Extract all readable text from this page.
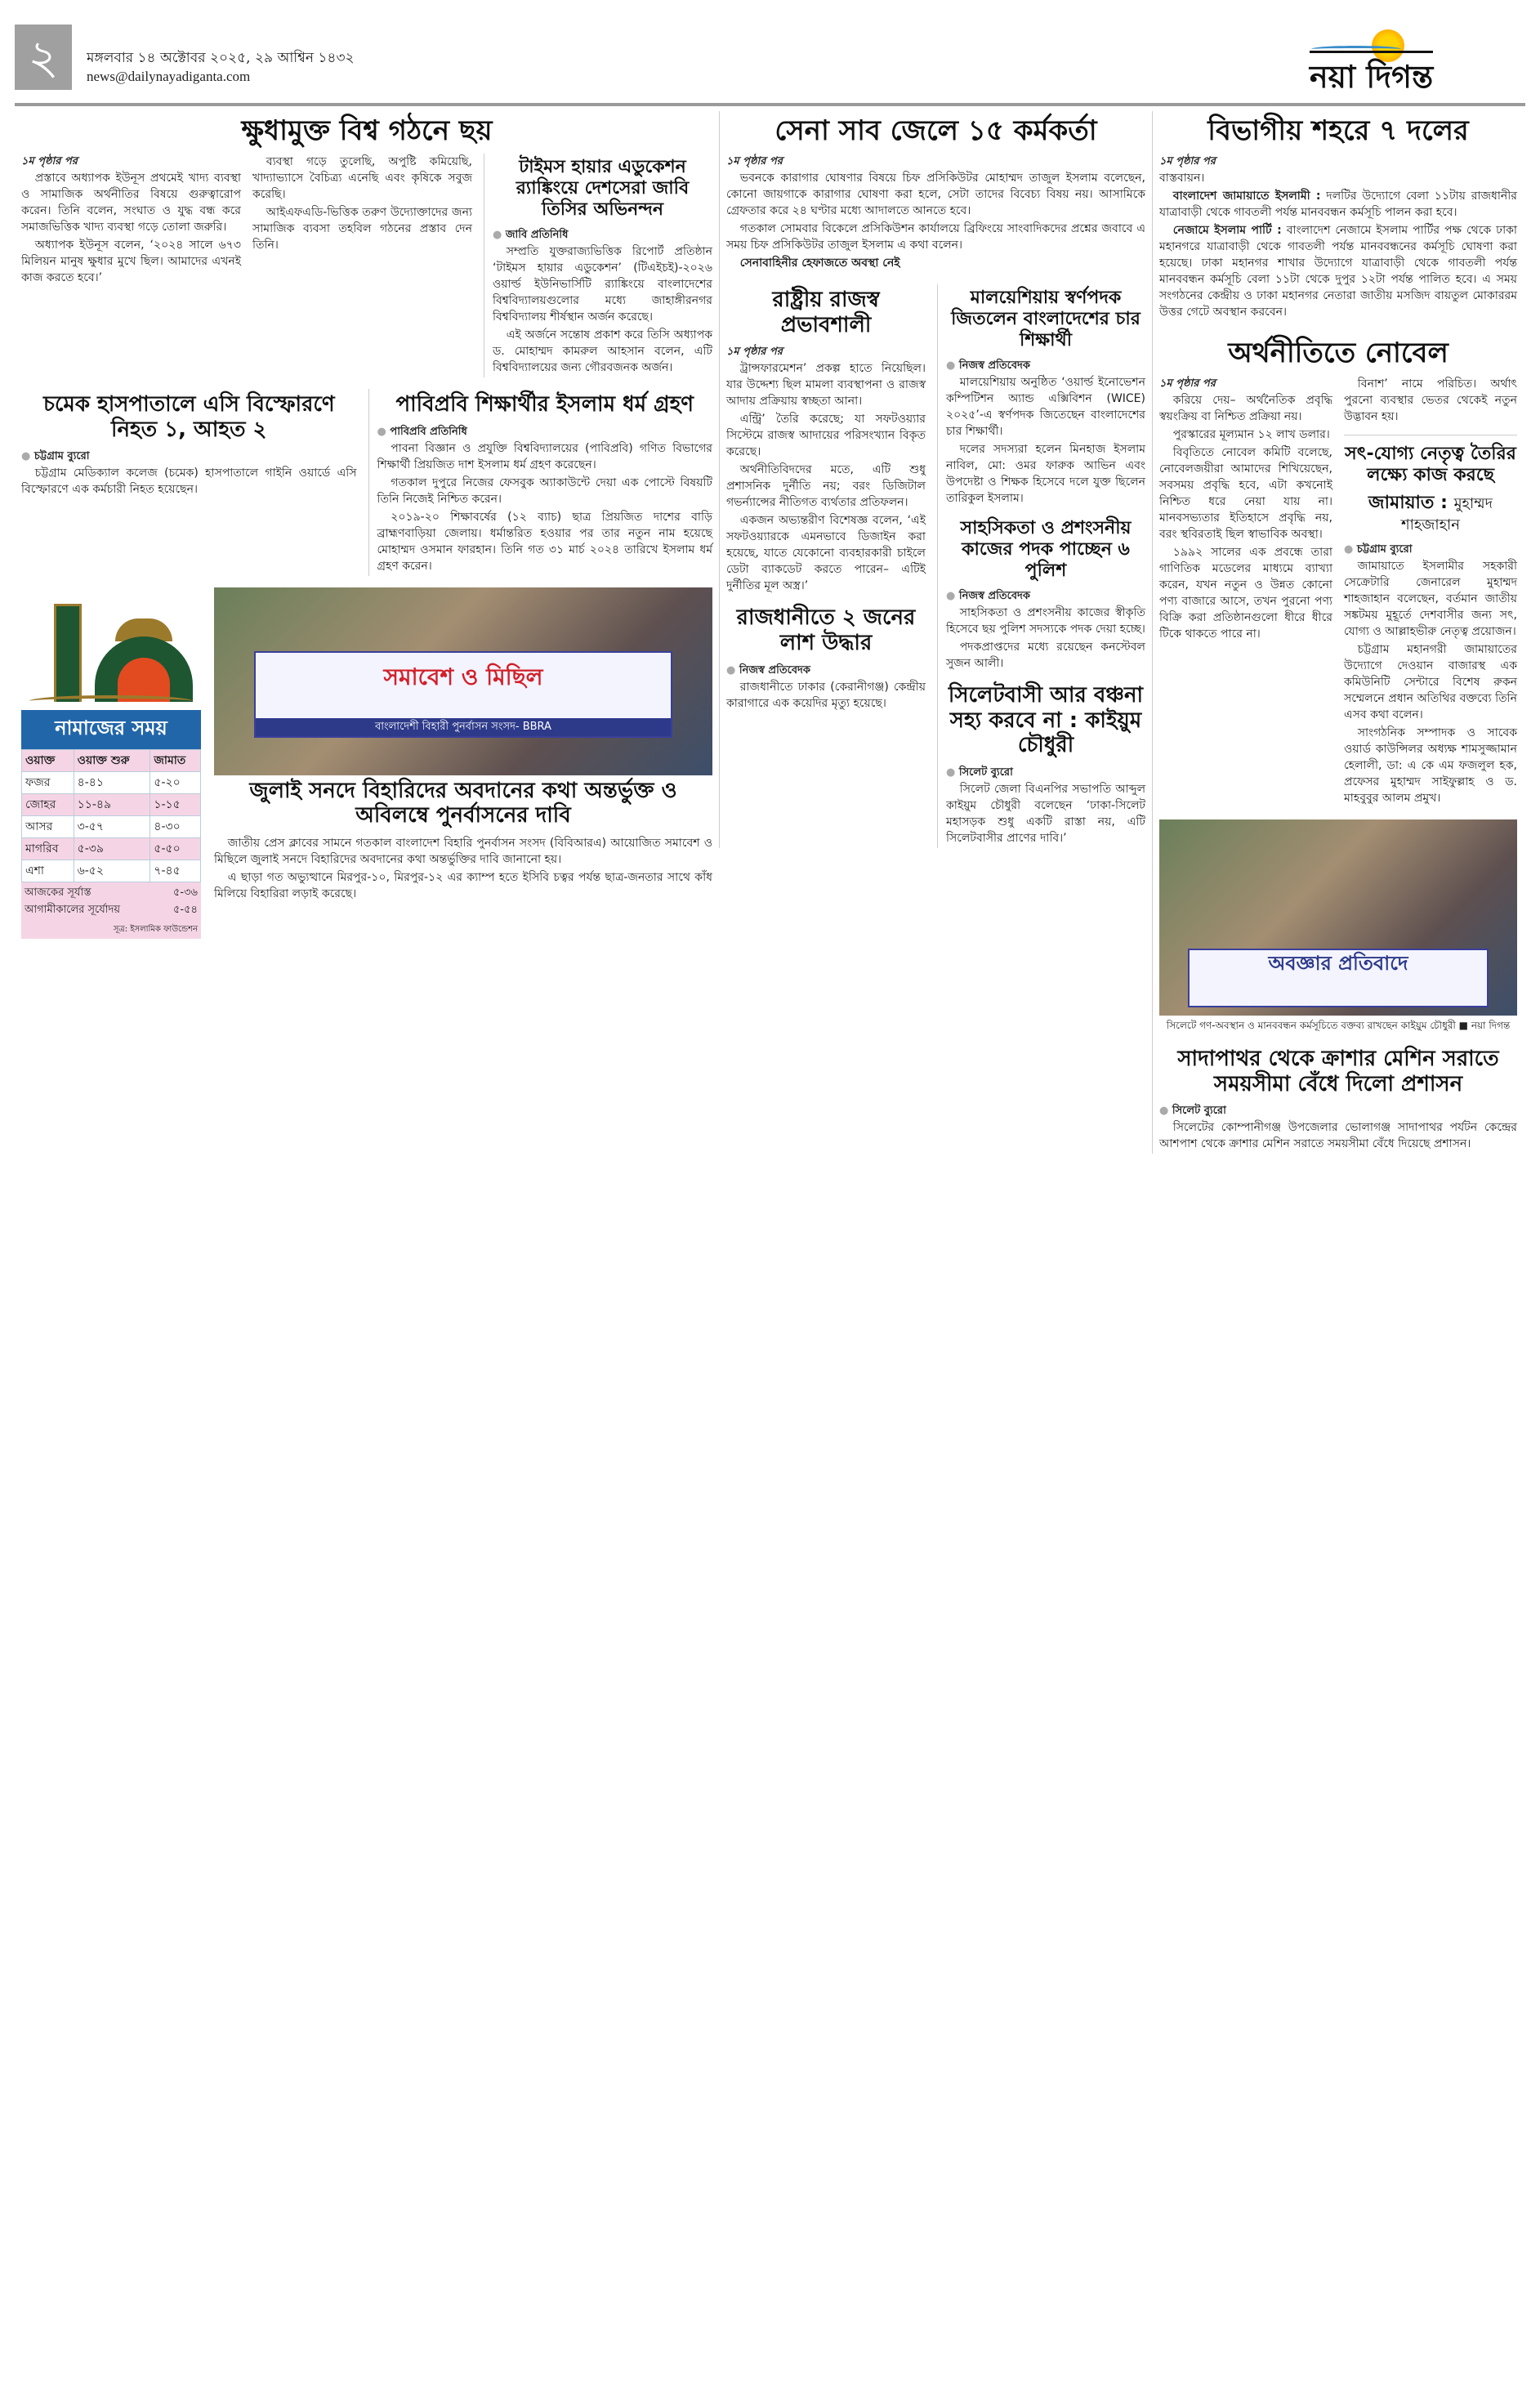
২	মঙ্গলবার ১৪ অক্টোবর ২০২৫, ২৯ আশ্বিন ১৪৩২
news@dailynayadiganta.com	নয়া দিগন্ত
ক্ষুধামুক্ত বিশ্ব গঠনে ছয়
১ম পৃষ্ঠার পর

প্রস্তাবে অধ্যাপক ইউনূস প্রথমেই খাদ্য ব্যবস্থা ও সামাজিক অর্থনীতির বিষয়ে গুরুত্বারোপ করেন। তিনি বলেন, সংঘাত ও যুদ্ধ বন্ধ করে সমাজভিত্তিক খাদ্য ব্যবস্থা গড়ে তোলা জরুরি।

অধ্যাপক ইউনূস বলেন, ‘২০২৪ সালে ৬৭৩ মিলিয়ন মানুষ ক্ষুধার মুখে ছিল। আমাদের এখনই কাজ করতে হবে।’

ব্যবস্থা গড়ে তুলেছি, অপুষ্টি কমিয়েছি, খাদ্যাভ্যাসে বৈচিত্র্য এনেছি এবং কৃষিকে সবুজ করেছি।

আইএফএডি-ভিত্তিক তরুণ উদ্যোক্তাদের জন্য সামাজিক ব্যবসা তহবিল গঠনের প্রস্তাব দেন তিনি।

টাইমস হায়ার এডুকেশন র‍্যাঙ্কিংয়ে দেশসেরা জাবি তিসির অভিনন্দন
● জাবি প্রতিনিধি

সম্প্রতি যুক্তরাজ্যভিত্তিক রিপোর্ট প্রতিষ্ঠান ‘টাইমস হায়ার এডুকেশন’ (টিএইচই)-২০২৬ ওয়ার্ল্ড ইউনিভার্সিটি র‍্যাঙ্কিংয়ে বাংলাদেশের বিশ্ববিদ্যালয়গুলোর মধ্যে জাহাঙ্গীরনগর বিশ্ববিদ্যালয় শীর্ষস্থান অর্জন করেছে।

এই অর্জনে সন্তোষ প্রকাশ করে তিসি অধ্যাপক ড. মোহাম্মদ কামরুল আহসান বলেন, এটি বিশ্ববিদ্যালয়ের জন্য গৌরবজনক অর্জন।

চমেক হাসপাতালে এসি বিস্ফোরণে নিহত ১, আহত ২
● চট্টগ্রাম ব্যুরো

চট্টগ্রাম মেডিক্যাল কলেজ (চমেক) হাসপাতালে গাইনি ওয়ার্ডে এসি বিস্ফোরণে এক কর্মচারী নিহত হয়েছেন।

পাবিপ্রবি শিক্ষার্থীর ইসলাম ধর্ম গ্রহণ
● পাবিপ্রবি প্রতিনিধি

পাবনা বিজ্ঞান ও প্রযুক্তি বিশ্ববিদ্যালয়ের (পাবিপ্রবি) গণিত বিভাগের শিক্ষার্থী প্রিয়জিত দাশ ইসলাম ধর্ম গ্রহণ করেছেন।

গতকাল দুপুরে নিজের ফেসবুক অ্যাকাউন্টে দেয়া এক পোস্টে বিষয়টি তিনি নিজেই নিশ্চিত করেন।

২০১৯-২০ শিক্ষাবর্ষের (১২ ব্যাচ) ছাত্র প্রিয়জিত দাশের বাড়ি ব্রাহ্মণবাড়িয়া জেলায়। ধর্মান্তরিত হওয়ার পর তার নতুন নাম হয়েছে মোহাম্মদ ওসমান ফারহান। তিনি গত ৩১ মার্চ ২০২৪ তারিখে ইসলাম ধর্ম গ্রহণ করেন।

নামাজের সময়
ওয়াক্ত	ওয়াক্ত শুরু	জামাত
ফজর	৪-৪১	৫-২০
জোহর	১১-৪৯	১-১৫
আসর	৩-৫৭	৪-৩০
মাগরিব	৫-৩৯	৫-৫০
এশা	৬-৫২	৭-৪৫
আজকের সূর্যাস্ত	৫-৩৬
আগামীকালের সূর্যোদয়	৫-৫৪
সূত্র: ইসলামিক ফাউন্ডেশন
সমাবেশ ও মিছিল
বাংলাদেশী বিহারী পুনর্বাসন সংসদ- BBRA
জুলাই সনদে বিহারিদের অবদানের কথা অন্তর্ভুক্ত ও অবিলম্বে পুনর্বাসনের দাবি

জাতীয় প্রেস ক্লাবের সামনে গতকাল বাংলাদেশ বিহারি পুনর্বাসন সংসদ (বিবিআরএ) আয়োজিত সমাবেশ ও মিছিলে জুলাই সনদে বিহারিদের অবদানের কথা অন্তর্ভুক্তির দাবি জানানো হয়।

এ ছাড়া গত অভ্যুত্থানে মিরপুর-১০, মিরপুর-১২ এর ক্যাম্প হতে ইসিবি চত্বর পর্যন্ত ছাত্র-জনতার সাথে কাঁধ মিলিয়ে বিহারিরা লড়াই করেছে।

সেনা সাব জেলে ১৫ কর্মকর্তা
১ম পৃষ্ঠার পর

ভবনকে কারাগার ঘোষণার বিষয়ে চিফ প্রসিকিউটর মোহাম্মদ তাজুল ইসলাম বলেছেন, কোনো জায়গাকে কারাগার ঘোষণা করা হলে, সেটা তাদের বিবেচ্য বিষয় নয়। আসামিকে গ্রেফতার করে ২৪ ঘণ্টার মধ্যে আদালতে আনতে হবে।

গতকাল সোমবার বিকেলে প্রসিকিউশন কার্যালয়ে ব্রিফিংয়ে সাংবাদিকদের প্রশ্নের জবাবে এ সময় চিফ প্রসিকিউটর তাজুল ইসলাম এ কথা বলেন।

সেনাবাহিনীর হেফাজতে অবস্থা নেই

রাষ্ট্রীয় রাজস্ব প্রভাবশালী
১ম পৃষ্ঠার পর

ট্রান্সফারমেশন’ প্রকল্প হাতে নিয়েছিল। যার উদ্দেশ্য ছিল মামলা ব্যবস্থাপনা ও রাজস্ব আদায় প্রক্রিয়ায় স্বচ্ছতা আনা।

এন্ট্রি’ তৈরি করেছে; যা সফটওয়্যার সিস্টেমে রাজস্ব আদায়ের পরিসংখ্যান বিকৃত করেছে।

অর্থনীতিবিদদের মতে, এটি শুধু প্রশাসনিক দুর্নীতি নয়; বরং ডিজিটাল গভর্ন্যান্সের নীতিগত ব্যর্থতার প্রতিফলন।

একজন অভ্যন্তরীণ বিশেষজ্ঞ বলেন, ‘এই সফটওয়্যারকে এমনভাবে ডিজাইন করা হয়েছে, যাতে যেকোনো ব্যবহারকারী চাইলে ডেটা ব্যাকডেট করতে পারেন– এটিই দুর্নীতির মূল অস্ত্র।’

রাজধানীতে ২ জনের লাশ উদ্ধার
● নিজস্ব প্রতিবেদক

রাজধানীতে ঢাকার (কেরানীগঞ্জ) কেন্দ্রীয় কারাগারে এক কয়েদির মৃত্যু হয়েছে।

মালয়েশিয়ায় স্বর্ণপদক জিতলেন বাংলাদেশের চার শিক্ষার্থী
● নিজস্ব প্রতিবেদক

মালয়েশিয়ায় অনুষ্ঠিত ‘ওয়ার্ল্ড ইনোভেশন কম্পিটিশন অ্যান্ড এক্সিবিশন (WICE) ২০২৫’-এ স্বর্ণপদক জিতেছেন বাংলাদেশের চার শিক্ষার্থী।

দলের সদস্যরা হলেন মিনহাজ ইসলাম নাবিল, মো: ওমর ফারুক আভিন এবং উপদেষ্টা ও শিক্ষক হিসেবে দলে যুক্ত ছিলেন তারিকুল ইসলাম।

সাহসিকতা ও প্রশংসনীয় কাজের পদক পাচ্ছেন ৬ পুলিশ
● নিজস্ব প্রতিবেদক

সাহসিকতা ও প্রশংসনীয় কাজের স্বীকৃতি হিসেবে ছয় পুলিশ সদস্যকে পদক দেয়া হচ্ছে।

পদকপ্রাপ্তদের মধ্যে রয়েছেন কনস্টেবল সুজন আলী।

সিলেটবাসী আর বঞ্চনা সহ্য করবে না : কাইয়ুম চৌধুরী
● সিলেট ব্যুরো

সিলেট জেলা বিএনপির সভাপতি আব্দুল কাইয়ুম চৌধুরী বলেছেন ‘ঢাকা-সিলেট মহাসড়ক শুধু একটি রাস্তা নয়, এটি সিলেটবাসীর প্রাণের দাবি।’

বিভাগীয় শহরে ৭ দলের
১ম পৃষ্ঠার পর

বাস্তবায়ন।

বাংলাদেশ জামায়াতে ইসলামী : দলটির উদ্যোগে বেলা ১১টায় রাজধানীর যাত্রাবাড়ী থেকে গাবতলী পর্যন্ত মানববন্ধন কর্মসূচি পালন করা হবে।

নেজামে ইসলাম পার্টি : বাংলাদেশ নেজামে ইসলাম পার্টির পক্ষ থেকে ঢাকা মহানগরে যাত্রাবাড়ী থেকে গাবতলী পর্যন্ত মানববন্ধনের কর্মসূচি ঘোষণা করা হয়েছে। ঢাকা মহানগর শাখার উদ্যোগে যাত্রাবাড়ী থেকে গাবতলী পর্যন্ত মানববন্ধন কর্মসূচি বেলা ১১টা থেকে দুপুর ১২টা পর্যন্ত পালিত হবে। এ সময় সংগঠনের কেন্দ্রীয় ও ঢাকা মহানগর নেতারা জাতীয় মসজিদ বায়তুল মোকাররম উত্তর গেটে অবস্থান করবেন।

অর্থনীতিতে নোবেল
১ম পৃষ্ঠার পর

করিয়ে দেয়– অর্থনৈতিক প্রবৃদ্ধি স্বয়ংক্রিয় বা নিশ্চিত প্রক্রিয়া নয়।

পুরস্কারের মূল্যমান ১২ লাখ ডলার।

বিবৃতিতে নোবেল কমিটি বলেছে, নোবেলজয়ীরা আমাদের শিখিয়েছেন, সবসময় প্রবৃদ্ধি হবে, এটা কখনোই নিশ্চিত ধরে নেয়া যায় না। মানবসভ্যতার ইতিহাসে প্রবৃদ্ধি নয়, বরং স্থবিরতাই ছিল স্বাভাবিক অবস্থা।

১৯৯২ সালের এক প্রবন্ধে তারা গাণিতিক মডেলের মাধ্যমে ব্যাখ্যা করেন, যখন নতুন ও উন্নত কোনো পণ্য বাজারে আসে, তখন পুরনো পণ্য বিক্রি করা প্রতিষ্ঠানগুলো ধীরে ধীরে টিকে থাকতে পারে না।

বিনাশ’ নামে পরিচিত। অর্থাৎ পুরনো ব্যবস্থার ভেতর থেকেই নতুন উদ্ভাবন হয়।

সৎ-যোগ্য নেতৃত্ব তৈরির লক্ষ্যে কাজ করছে
জামায়াত : মুহাম্মদ শাহজাহান
● চট্টগ্রাম ব্যুরো

জামায়াতে ইসলামীর সহকারী সেক্রেটারি জেনারেল মুহাম্মদ শাহজাহান বলেছেন, বর্তমান জাতীয় সঙ্কটময় মুহূর্তে দেশবাসীর জন্য সৎ, যোগ্য ও আল্লাহভীরু নেতৃত্ব প্রয়োজন।

চট্টগ্রাম মহানগরী জামায়াতের উদ্যোগে দেওয়ান বাজারস্থ এক কমিউনিটি সেন্টারে বিশেষ রুকন সম্মেলনে প্রধান অতিথির বক্তব্যে তিনি এসব কথা বলেন।

সাংগঠনিক সম্পাদক ও সাবেক ওয়ার্ড কাউন্সিলর অধ্যক্ষ শামসুজ্জামান হেলালী, ডা: এ কে এম ফজলুল হক, প্রফেসর মুহাম্মদ সাইফুল্লাহ ও ড. মাহবুবুর আলম প্রমুখ।

অবজ্ঞার প্রতিবাদে
সিলেটে গণ-অবস্থান ও মানববন্ধন কর্মসূচিতে বক্তব্য রাখছেন কাইয়ুম চৌধুরী ■ নয়া দিগন্ত
সাদাপাথর থেকে ক্রাশার মেশিন সরাতে সময়সীমা বেঁধে দিলো প্রশাসন
● সিলেট ব্যুরো

সিলেটের কোম্পানীগঞ্জ উপজেলার ভোলাগঞ্জ সাদাপাথর পর্যটন কেন্দ্রের আশপাশ থেকে ক্রাশার মেশিন সরাতে সময়সীমা বেঁধে দিয়েছে প্রশাসন।
